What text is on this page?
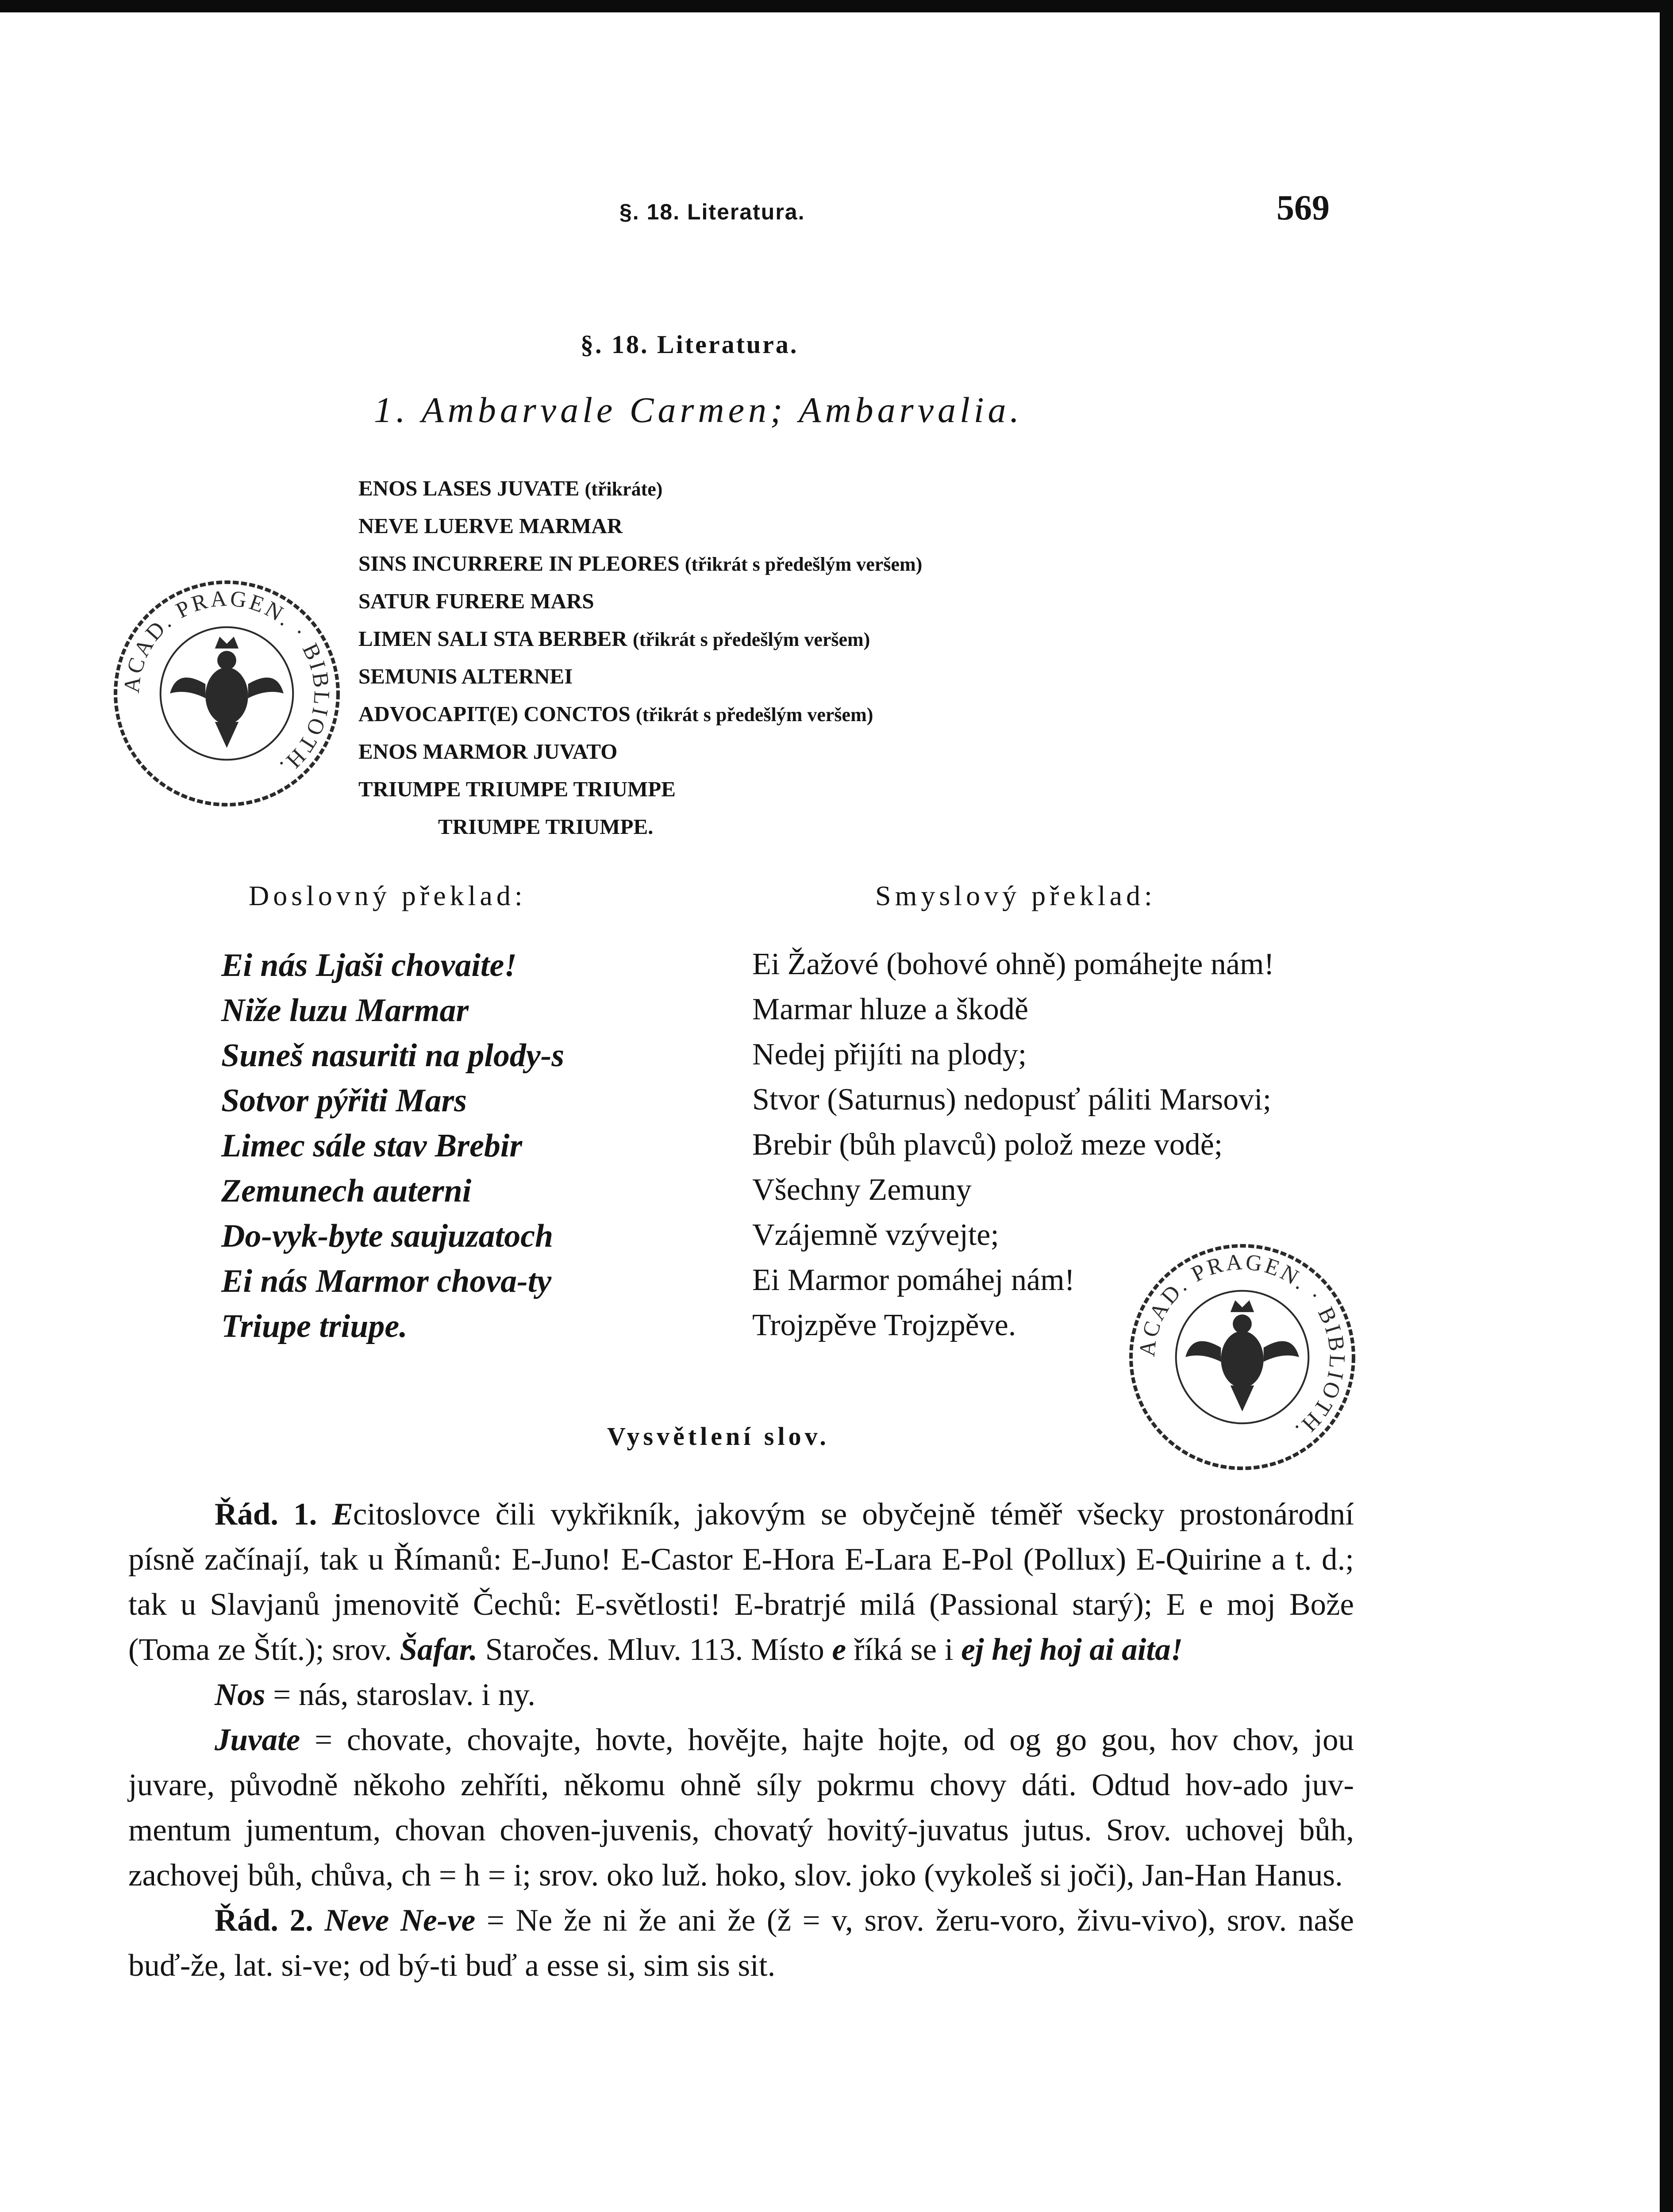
§. 18. Literatura.	569
§. 18. Literatura.
1. Ambarvale Carmen; Ambarvalia.
ENOS LASES JUVATE (třikráte)
NEVE LUERVE MARMAR
SINS INCURRERE IN PLEORES (třikrát s předešlým veršem)
SATUR FURERE MARS
LIMEN SALI STA BERBER (třikrát s předešlým veršem)
SEMUNIS ALTERNEI
ADVOCAPIT(E) CONCTOS (třikrát s předešlým veršem)
ENOS MARMOR JUVATO
TRIUMPE TRIUMPE TRIUMPE
TRIUMPE TRIUMPE.
Doslovný překlad:	Smyslový překlad:
Ei nás Ljaši chovaite!
Niže luzu Marmar
Suneš nasuriti na plody-s
Sotvor pýřiti Mars
Limec sále stav Brebir
Zemunech auterni
Do-vyk-byte saujuzatoch
Ei nás Marmor chova-ty
Triupe triupe.
Ei Žažové (bohové ohně) pomáhejte nám!
Marmar hluze a škodě
Nedej přijíti na plody;
Stvor (Saturnus) nedopusť páliti Marsovi;
Brebir (bůh plavců) polož meze vodě;
Všechny Zemuny
Vzájemně vzývejte;
Ei Marmor pomáhej nám!
Trojzpěve Trojzpěve.
Vysvětlení slov.

Řád. 1. Ecitoslovce čili vykřikník, jakovým se obyčejně téměř všecky prostonárodní písně začínají, tak u Římanů: E-Juno! E-Castor E-Hora E-Lara E-Pol (Pollux) E-Quirine a t. d.; tak u Slavjanů jmenovitě Čechů: E-světlosti! E-bratrjé milá (Passional starý); E e moj Bože (Toma ze Štít.); srov. Šafar. Staročes. Mluv. 113. Místo e říká se i ej hej hoj ai aita!

Nos = nás, staroslav. i ny.

Juvate = chovate, chovajte, hovte, hovějte, hajte hojte, od og go gou, hov chov, jou juvare, původně někoho zehříti, někomu ohně síly pokrmu chovy dáti. Odtud hov-ado juv-mentum jumentum, chovan choven-juvenis, chovatý hovitý-juvatus jutus. Srov. uchovej bůh, zachovej bůh, chůva, ch = h = i; srov. oko luž. hoko, slov. joko (vykoleš si joči), Jan-Han Hanus.

Řád. 2. Neve Ne-ve = Ne že ni že ani že (ž = v, srov. žeru-voro, živu-vivo), srov. naše buď-že, lat. si-ve; od bý-ti buď a esse si, sim sis sit.

ACAD. PRAGEN. · BIBLIOTH.
ACAD. PRAGEN. · BIBLIOTH.
